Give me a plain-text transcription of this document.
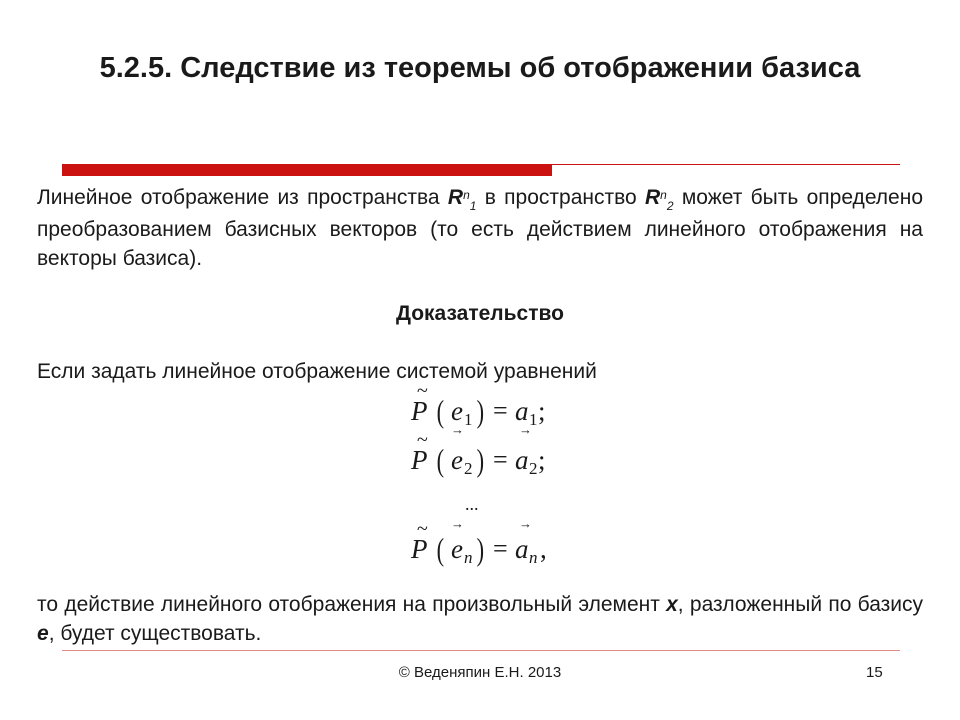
5.2.5. Следствие из теоремы об отображении базиса
Линейное отображение из пространства $R^n_1$ в пространство $R^n_2$ может быть определено преобразованием базисных векторов (то есть действием линейного отображения на векторы базиса).
Доказательство
Если задать линейное отображение системой уравнений
~
P ( e 1
→
) = a 1
→
;
~
P ( e 2 ) = a 2 ;
...
→	→
~
P ( e n ) = a n ,
то действие линейного отображения на произвольный элемент x, разложенный по базису e, будет существовать.
© Веденяпин Е.Н. 2013	15
